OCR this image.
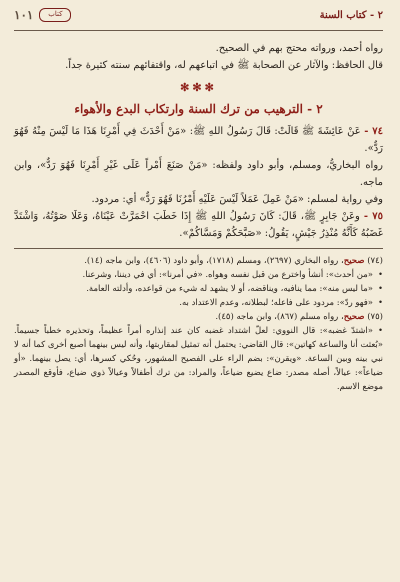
٢ - كتاب السنة
كتاب
١٠١

رواه أحمد، ورواته محتج بهم في الصحيح.

قال الحافظ: والآثار عن الصحابة ﷺ في اتباعهم له، واقتفائهم سنته كثيرة جداً.

✻✻✻
٢ - الترهيب من ترك السنة وارتكاب البدع والأهواء

٧٤ - عَنْ عَائِشَةَ ﷺ قَالَتْ: قَالَ رَسُولُ اللهِ ﷺ: «مَنْ أَحْدَثَ فِي أَمْرِنَا هَذَا مَا لَيْسَ مِنْهُ فَهُوَ رَدٌّ».

رواه البخاريُّ، ومسلم، وأبو داود ولفظه: «مَنْ صَنَعَ أَمْراً عَلَى غَيْرِ أَمْرِنَا فَهُوَ رَدٌّ»، وابن ماجه.

وفي رواية لمسلم: «مَنْ عَمِلَ عَمَلاً لَيْسَ عَلَيْهِ أَمْرُنَا فَهُوَ رَدٌّ» أي: مردود.

٧٥ - وعَنْ جَابِرٍ ﷺ، قَالَ: كَانَ رَسُولُ اللهِ ﷺ إِذَا خَطَبَ احْمَرَّتْ عَيْنَاهُ، وَعَلَا صَوْتُهُ، وَاشْتَدَّ غَضَبُهُ كَأَنَّهُ مُنْذِرُ جَيْشٍ، يَقُولُ: «صَبَّحَكُمْ وَمَسَّاكُمْ».

(٧٤) صحيح، رواه البخاري (٢٦٩٧)، ومسلم (١٧١٨)، وأبو داود (٤٦٠٦)، وابن ماجه (١٤).

• «من أحدث»: أنشأ واخترع من قبل نفسه وهواه. «في أمرنا»: أي في ديننا، وشرعنا.

• «ما ليس منه»: مما ينافيه، ويناقضه، أو لا يشهد له شيء من قواعده، وأدلته العامة.

• «فهو ردّ»: مردود على فاعله؛ لبطلانه، وعدم الاعتداد به.

(٧٥) صحيح، رواه مسلم (٨٦٧)، وابن ماجه (٤٥).

• «اشتدّ غضبه»: قال النووي: لعلّ اشتداد غضبه كان عند إنذاره أمراً عظيماً، وتحذيره خطباً جسيماً. «بُعثت أنا والساعة كهاتين»: قال القاضي: يحتمل أنه تمثيل لمقاربتها، وأنه ليس بينهما أصبع أخرى كما أنه لا نبي بينه وبين الساعة. «ويقرن»: بضم الراء على الفصيح المشهور، وحُكي كسرها، أي: يصل بينهما. «أو ضياعاً»: عيالاً، أصله مصدر: ضاع يضيع ضياعاً، والمراد: من ترك أطفالاً وعيالاً ذوي ضياع، فأوقع المصدر موضع الاسم.
